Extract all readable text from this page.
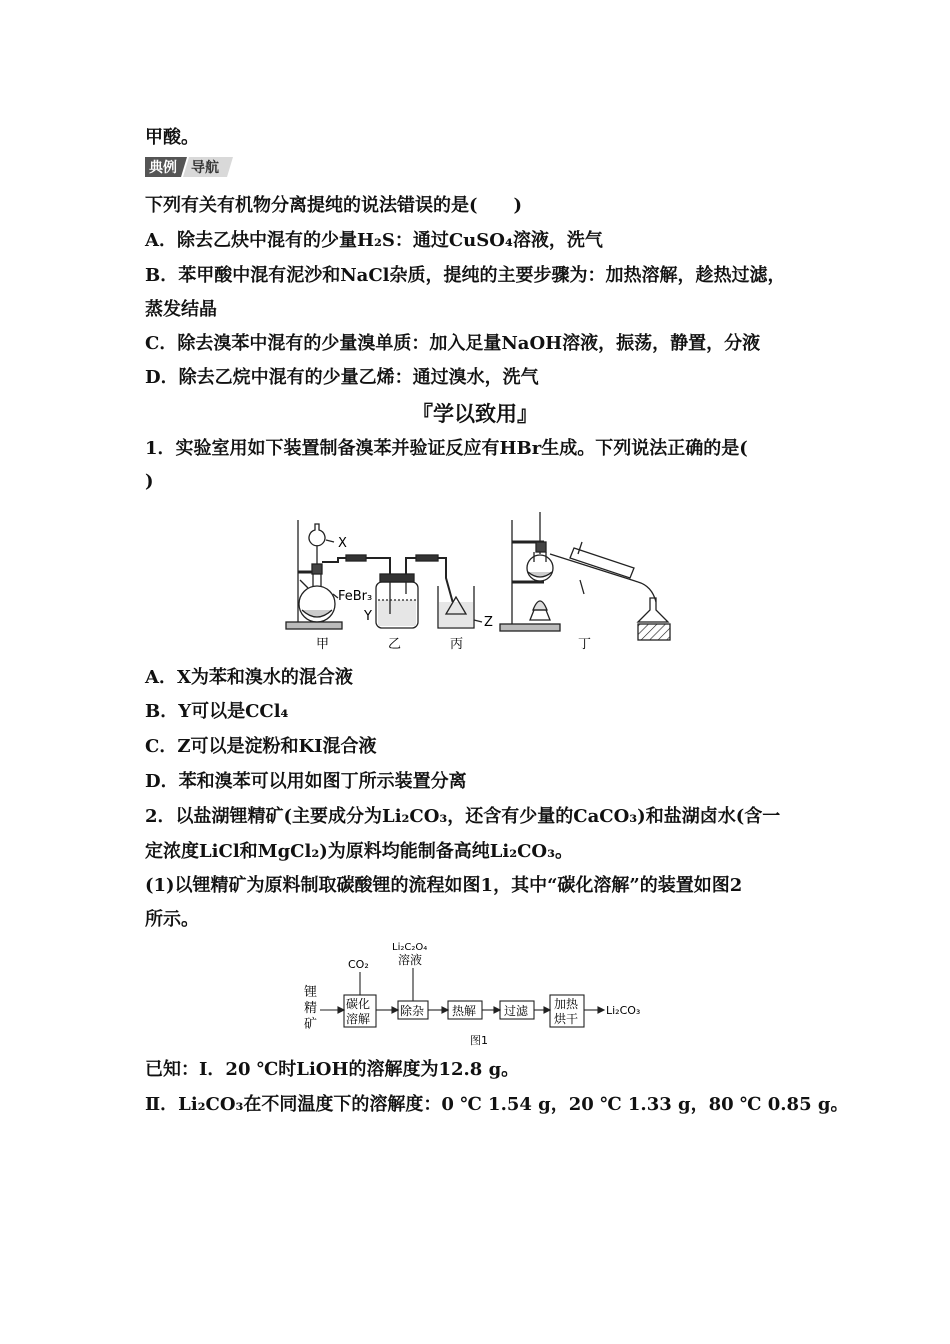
甲酸。
典例 导航
下列有关有机物分离提纯的说法错误的是(　　)
A．除去乙炔中混有的少量H₂S：通过CuSO₄溶液，洗气
B．苯甲酸中混有泥沙和NaCl杂质，提纯的主要步骤为：加热溶解，趁热过滤，
蒸发结晶
C．除去溴苯中混有的少量溴单质：加入足量NaOH溶液，振荡，静置，分液
D．除去乙烷中混有的少量乙烯：通过溴水，洗气
『学以致用』
1．实验室用如下装置制备溴苯并验证反应有HBr生成。下列说法正确的是(
)
X
FeBr₃
Y	Z
甲	乙	丙	丁
A．X为苯和溴水的混合液
B．Y可以是CCl₄
C．Z可以是淀粉和KI混合液
D．苯和溴苯可以用如图丁所示装置分离
2．以盐湖锂精矿(主要成分为Li₂CO₃，还含有少量的CaCO₃)和盐湖卤水(含一
定浓度LiCl和MgCl₂)为原料均能制备高纯Li₂CO₃。
(1)以锂精矿为原料制取碳酸锂的流程如图1，其中“碳化溶解”的装置如图2
所示。
锂
精
矿
CO₂
Li₂C₂O₄
溶液
碳化
溶解
除杂 热解 过滤 加热
烘干
Li₂CO₃
图1
已知：Ⅰ．20 ℃时LiOH的溶解度为12.8 g。
Ⅱ．Li₂CO₃在不同温度下的溶解度：0 ℃ 1.54 g，20 ℃ 1.33 g，80 ℃ 0.85 g。
